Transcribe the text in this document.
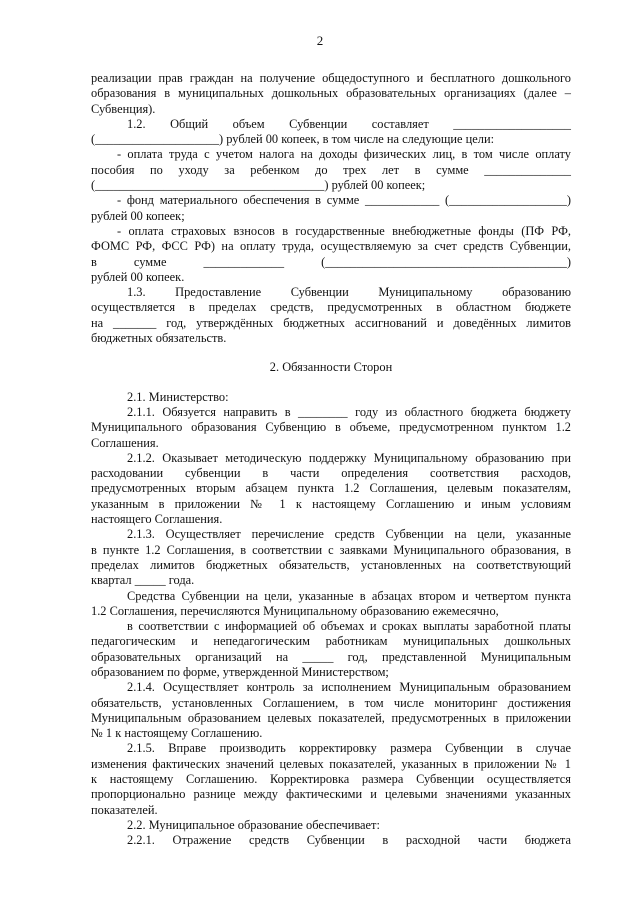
2

реализации прав граждан на получение общедоступного и бесплатного дошкольного

образования в муниципальных дошкольных образовательных организациях (далее –

Субвенция).

1.2. Общий объем Субвенции составляет ___________________

(____________________) рублей 00 копеек, в том числе на следующие цели:

- оплата труда с учетом налога на доходы физических лиц, в том числе оплату

пособия по уходу за ребенком до трех лет в сумме ______________

(_____________________________________) рублей 00 копеек;

- фонд материального обеспечения в сумме ____________ (___________________)

рублей 00 копеек;

- оплата страховых взносов в государственные внебюджетные фонды (ПФ РФ,

ФОМС РФ, ФСС РФ) на оплату труда, осуществляемую за счет средств Субвенции,

в сумме _____________ (_______________________________________)

рублей 00 копеек.

1.3. Предоставление Субвенции Муниципальному образованию

осуществляется в пределах средств, предусмотренных в областном бюджете

на _______ год, утверждённых бюджетных ассигнований и доведённых лимитов

бюджетных обязательств.

2. Обязанности Сторон

2.1. Министерство:

2.1.1. Обязуется направить в ________ году из областного бюджета бюджету

Муниципального образования Субвенцию в объеме, предусмотренном пунктом 1.2

Соглашения.

2.1.2. Оказывает методическую поддержку Муниципальному образованию при

расходовании субвенции в части определения соответствия расходов,

предусмотренных вторым абзацем пункта 1.2 Соглашения, целевым показателям,

указанным в приложении № 1 к настоящему Соглашению и иным условиям

настоящего Соглашения.

2.1.3. Осуществляет перечисление средств Субвенции на цели, указанные

в пункте 1.2 Соглашения, в соответствии с заявками Муниципального образования, в

пределах лимитов бюджетных обязательств, установленных на соответствующий

квартал _____ года.

Средства Субвенции на цели, указанные в абзацах втором и четвертом пункта

1.2 Соглашения, перечисляются Муниципальному образованию ежемесячно,

в соответствии с информацией об объемах и сроках выплаты заработной платы

педагогическим и непедагогическим работникам муниципальных дошкольных

образовательных организаций на _____ год, представленной Муниципальным

образованием по форме, утвержденной Министерством;

2.1.4. Осуществляет контроль за исполнением Муниципальным образованием

обязательств, установленных Соглашением, в том числе мониторинг достижения

Муниципальным образованием целевых показателей, предусмотренных в приложении

№ 1 к настоящему Соглашению.

2.1.5. Вправе производить корректировку размера Субвенции в случае

изменения фактических значений целевых показателей, указанных в приложении № 1

к настоящему Соглашению. Корректировка размера Субвенции осуществляется

пропорционально разнице между фактическими и целевыми значениями указанных

показателей.

2.2. Муниципальное образование обеспечивает:

2.2.1. Отражение средств Субвенции в расходной части бюджета
